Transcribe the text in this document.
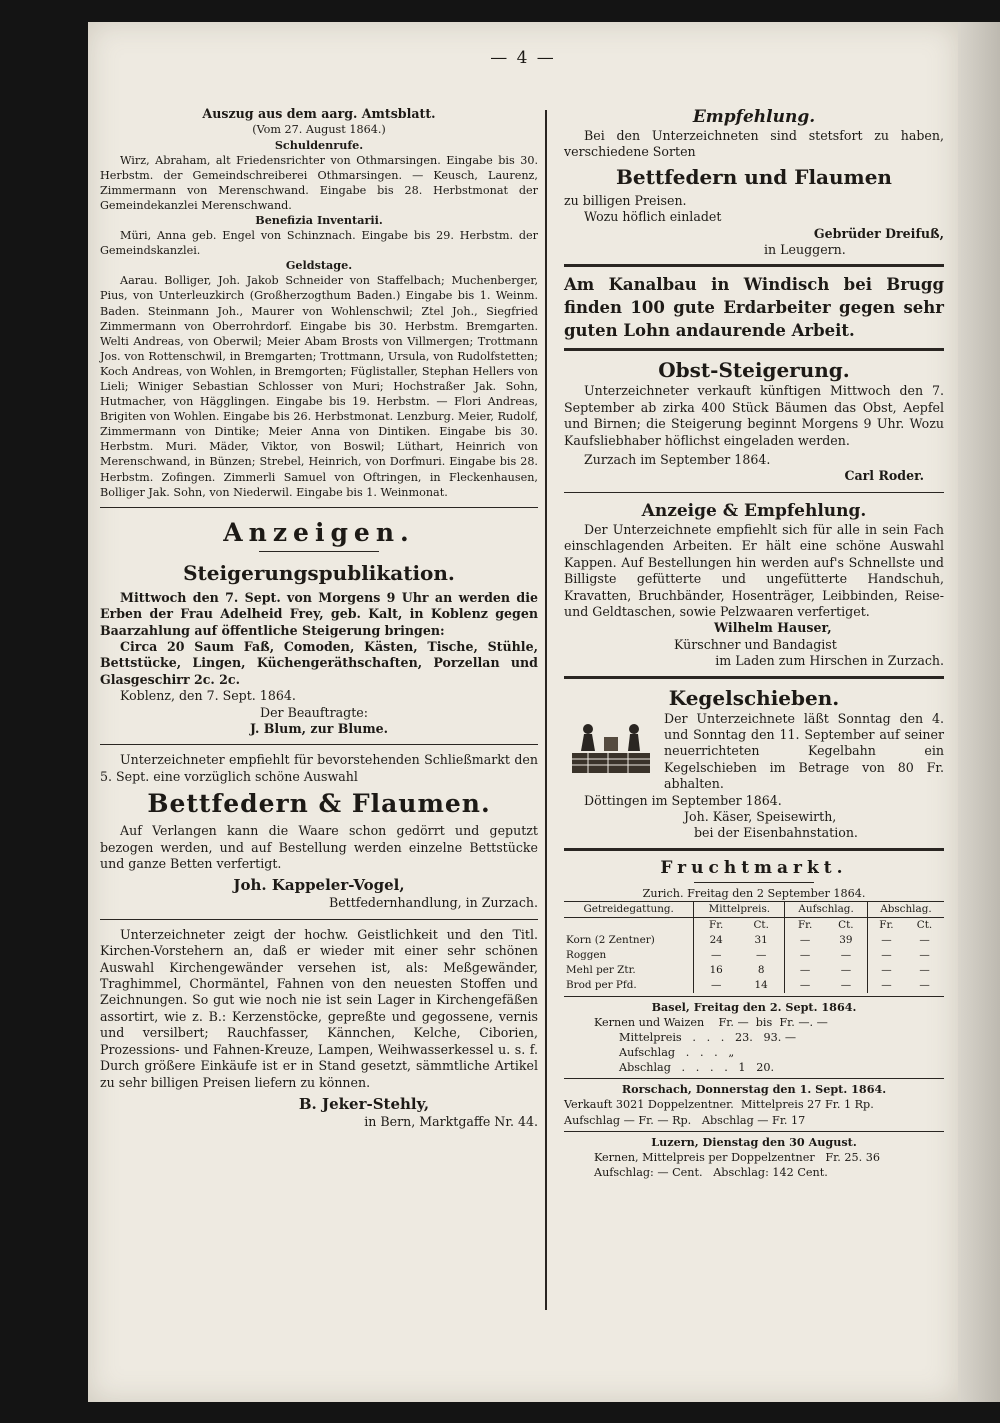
— 4 —

Auszug aus dem aarg. Amtsblatt.

(Vom 27. August 1864.)

Schuldenrufe.

Wirz, Abraham, alt Friedensrichter von Othmarsingen. Eingabe bis 30. Herbstm. der Gemeindschreiberei Othmarsingen. — Keusch, Laurenz, Zimmermann von Merenschwand. Eingabe bis 28. Herbstmonat der Gemeindekanzlei Merenschwand.

Benefizia Inventarii.

Müri, Anna geb. Engel von Schinznach. Eingabe bis 29. Herbstm. der Gemeindskanzlei.

Geldstage.

Aarau. Bolliger, Joh. Jakob Schneider von Staffelbach; Muchenberger, Pius, von Unterleuzkirch (Großherzogthum Baden.) Eingabe bis 1. Weinm. Baden. Steinmann Joh., Maurer von Wohlenschwil; Ztel Joh., Siegfried Zimmermann von Oberrohrdorf. Eingabe bis 30. Herbstm. Bremgarten. Welti Andreas, von Oberwil; Meier Abam Brosts von Villmergen; Trottmann Jos. von Rottenschwil, in Bremgarten; Trottmann, Ursula, von Rudolfstetten; Koch Andreas, von Wohlen, in Bremgorten; Füglistaller, Stephan Hellers von Lieli; Winiger Sebastian Schlosser von Muri; Hochstraßer Jak. Sohn, Hutmacher, von Hägglingen. Eingabe bis 19. Herbstm. — Flori Andreas, Brigiten von Wohlen. Eingabe bis 26. Herbstmonat. Lenzburg. Meier, Rudolf, Zimmermann von Dintike; Meier Anna von Dintiken. Eingabe bis 30. Herbstm. Muri. Mäder, Viktor, von Boswil; Lüthart, Heinrich von Merenschwand, in Bünzen; Strebel, Heinrich, von Dorfmuri. Eingabe bis 28. Herbstm. Zofingen. Zimmerli Samuel von Oftringen, in Fleckenhausen, Bolliger Jak. Sohn, von Niederwil. Eingabe bis 1. Weinmonat.

Anzeigen.

Steigerungspublikation.

Mittwoch den 7. Sept. von Morgens 9 Uhr an werden die Erben der Frau Adelheid Frey, geb. Kalt, in Koblenz gegen Baarzahlung auf öffentliche Steigerung bringen:

Circa 20 Saum Faß, Comoden, Kästen, Tische, Stühle, Bettstücke, Lingen, Küchengeräthschaften, Porzellan und Glasgeschirr 2c. 2c.

Koblenz, den 7. Sept. 1864.

Der Beauftragte:

J. Blum, zur Blume.

Unterzeichneter empfiehlt für bevorstehenden Schließmarkt den 5. Sept. eine vorzüglich schöne Auswahl

Bettfedern & Flaumen.

Auf Verlangen kann die Waare schon gedörrt und geputzt bezogen werden, und auf Bestellung werden einzelne Bettstücke und ganze Betten verfertigt.

Joh. Kappeler-Vogel,

Bettfedernhandlung, in Zurzach.

Unterzeichneter zeigt der hochw. Geistlichkeit und den Titl. Kirchen-Vorstehern an, daß er wieder mit einer sehr schönen Auswahl Kirchengewänder versehen ist, als: Meßgewänder, Traghimmel, Chormäntel, Fahnen von den neuesten Stoffen und Zeichnungen. So gut wie noch nie ist sein Lager in Kirchengefäßen assortirt, wie z. B.: Kerzenstöcke, gepreßte und gegossene, vernis und versilbert; Rauchfasser, Kännchen, Kelche, Ciborien, Prozessions- und Fahnen-Kreuze, Lampen, Weihwasserkessel u. s. f. Durch größere Einkäufe ist er in Stand gesetzt, sämmtliche Artikel zu sehr billigen Preisen liefern zu können.

B. Jeker-Stehly,

in Bern, Marktgaffe Nr. 44.

Empfehlung.

Bei den Unterzeichneten sind stetsfort zu haben, verschiedene Sorten

Bettfedern und Flaumen

zu billigen Preisen.

Wozu höflich einladet

Gebrüder Dreifuß,

in Leuggern.

Am Kanalbau in Windisch bei Brugg finden 100 gute Erdarbeiter gegen sehr guten Lohn andaurende Arbeit.

Obst-Steigerung.

Unterzeichneter verkauft künftigen Mittwoch den 7. September ab zirka 400 Stück Bäumen das Obst, Aepfel und Birnen; die Steigerung beginnt Morgens 9 Uhr. Wozu Kaufsliebhaber höflichst eingeladen werden.

Zurzach im September 1864.

Carl Roder.

Anzeige & Empfehlung.

Der Unterzeichnete empfiehlt sich für alle in sein Fach einschlagenden Arbeiten. Er hält eine schöne Auswahl Kappen. Auf Bestellungen hin werden auf's Schnellste und Billigste gefütterte und ungefütterte Handschuh, Kravatten, Bruchbänder, Hosenträger, Leibbinden, Reise- und Geldtaschen, sowie Pelzwaaren verfertiget.

Wilhelm Hauser,

Kürschner und Bandagist

im Laden zum Hirschen in Zurzach.

Kegelschieben.

Der Unterzeichnete läßt Sonntag den 4. und Sonntag den 11. September auf seiner neuerrichteten Kegelbahn ein Kegelschieben im Betrage von 80 Fr. abhalten.

Döttingen im September 1864.

Joh. Käser, Speisewirth,

bei der Eisenbahnstation.

Fruchtmarkt.

Zurich. Freitag den 2 September 1864.

Getreidegattung.	Mittelpreis.		Aufschlag.		Abschlag.	
	Fr.	Ct.	Fr.	Ct.	Fr.	Ct.
Korn (2 Zentner)	24	31	—	39	—	—
Roggen	—	—	—	—	—	—
Mehl per Ztr.	16	8	—	—	—	—
Brod per Pfd.	—	14	—	—	—	—

Basel, Freitag den 2. Sept. 1864.

Kernen und Waizen    Fr. —  bis  Fr. —. —

Mittelpreis   .   .   .   23.   93. —

Aufschlag   .   .   .   „

Abschlag   .   .   .   .   1   20.

Rorschach, Donnerstag den 1. Sept. 1864.

Verkauft 3021 Doppelzentner.  Mittelpreis 27 Fr. 1 Rp.

Aufschlag — Fr. — Rp.   Abschlag — Fr. 17

Luzern, Dienstag den 30 August.

Kernen, Mittelpreis per Doppelzentner   Fr. 25. 36

Aufschlag: — Cent.   Abschlag: 142 Cent.
